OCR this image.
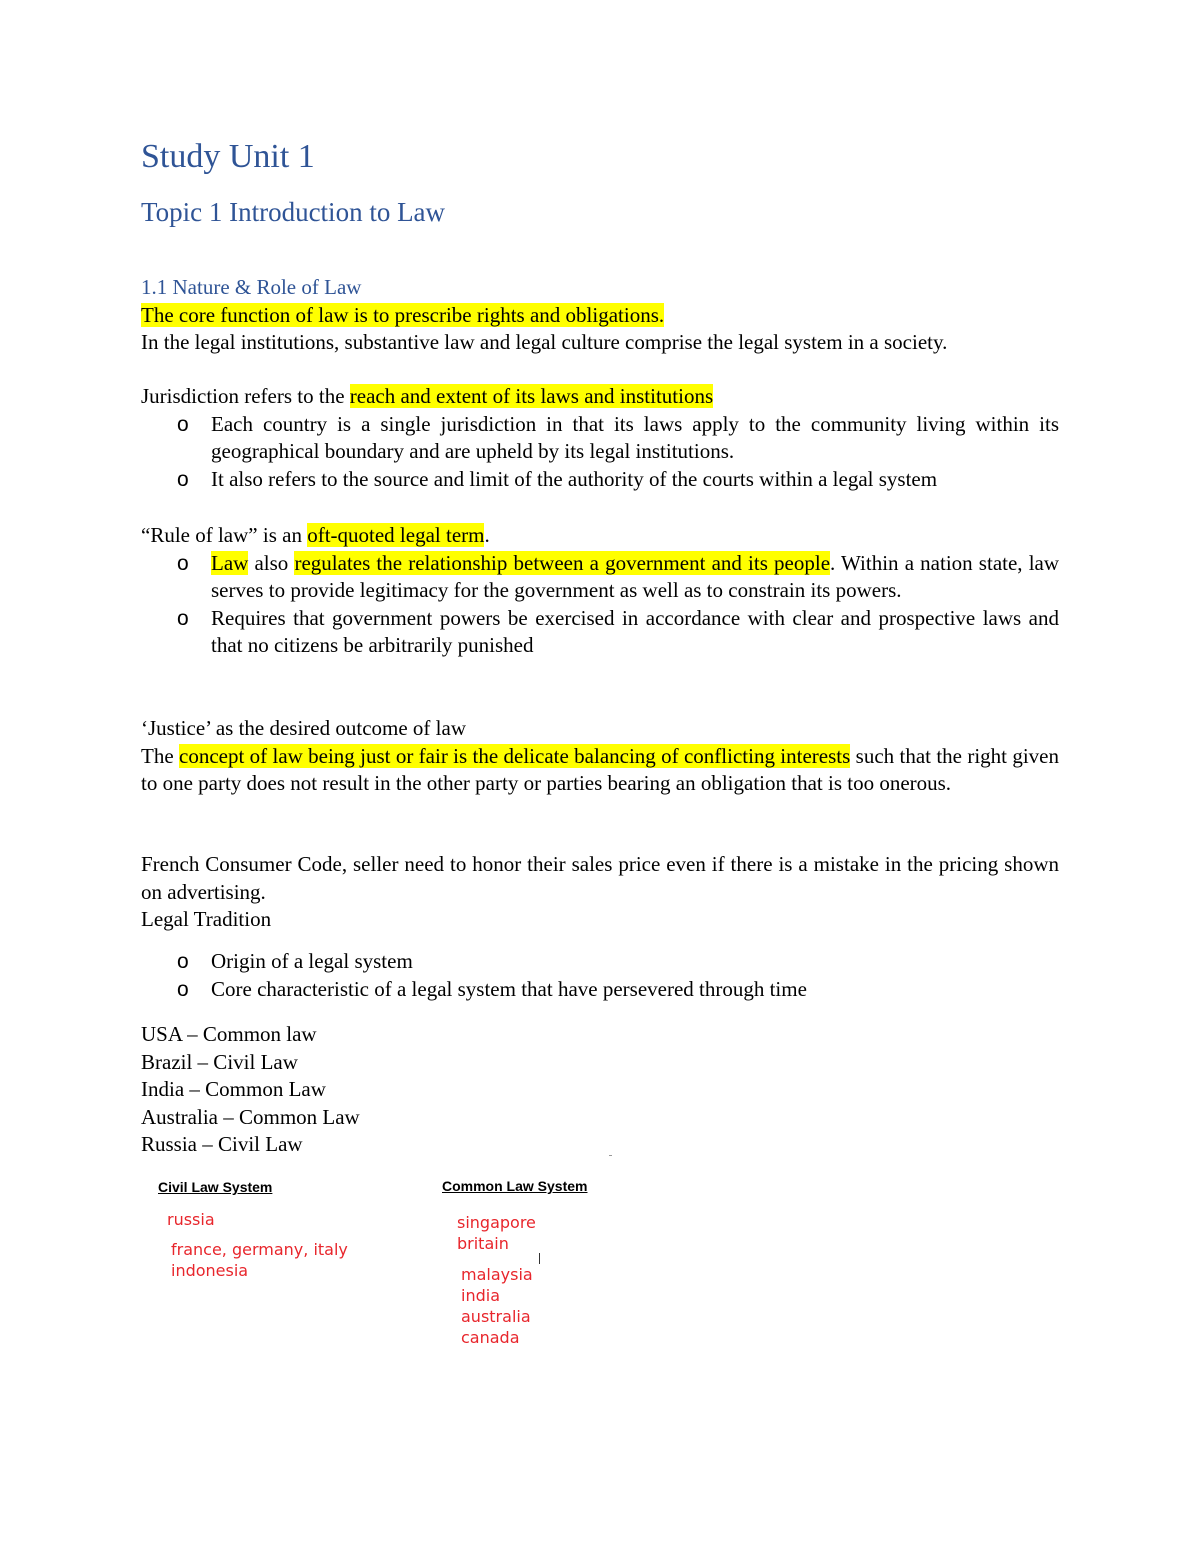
Study Unit 1
Topic 1 Introduction to Law
1.1 Nature & Role of Law
The core function of law is to prescribe rights and obligations.
In the legal institutions, substantive law and legal culture comprise the legal system in a society.
Jurisdiction refers to the reach and extent of its laws and institutions
o Each country is a single jurisdiction in that its laws apply to the community living within its geographical boundary and are upheld by its legal institutions.
o It also refers to the source and limit of the authority of the courts within a legal system
“Rule of law” is an oft-quoted legal term.
o Law also regulates the relationship between a government and its people. Within a nation state, law serves to provide legitimacy for the government as well as to constrain its powers.
o Requires that government powers be exercised in accordance with clear and prospective laws and that no citizens be arbitrarily punished
‘Justice’ as the desired outcome of law
The concept of law being just or fair is the delicate balancing of conflicting interests such that the right given to one party does not result in the other party or parties bearing an obligation that is too onerous.
French Consumer Code, seller need to honor their sales price even if there is a mistake in the pricing shown on advertising.
Legal Tradition
o Origin of a legal system
o Core characteristic of a legal system that have persevered through time
USA – Common law
Brazil – Civil Law
India – Common Law
Australia – Common Law
Russia – Civil Law
Civil Law System	Common Law System
russia
france, germany, italy
indonesia
singapore
britain
malaysia
india
australia
canada
